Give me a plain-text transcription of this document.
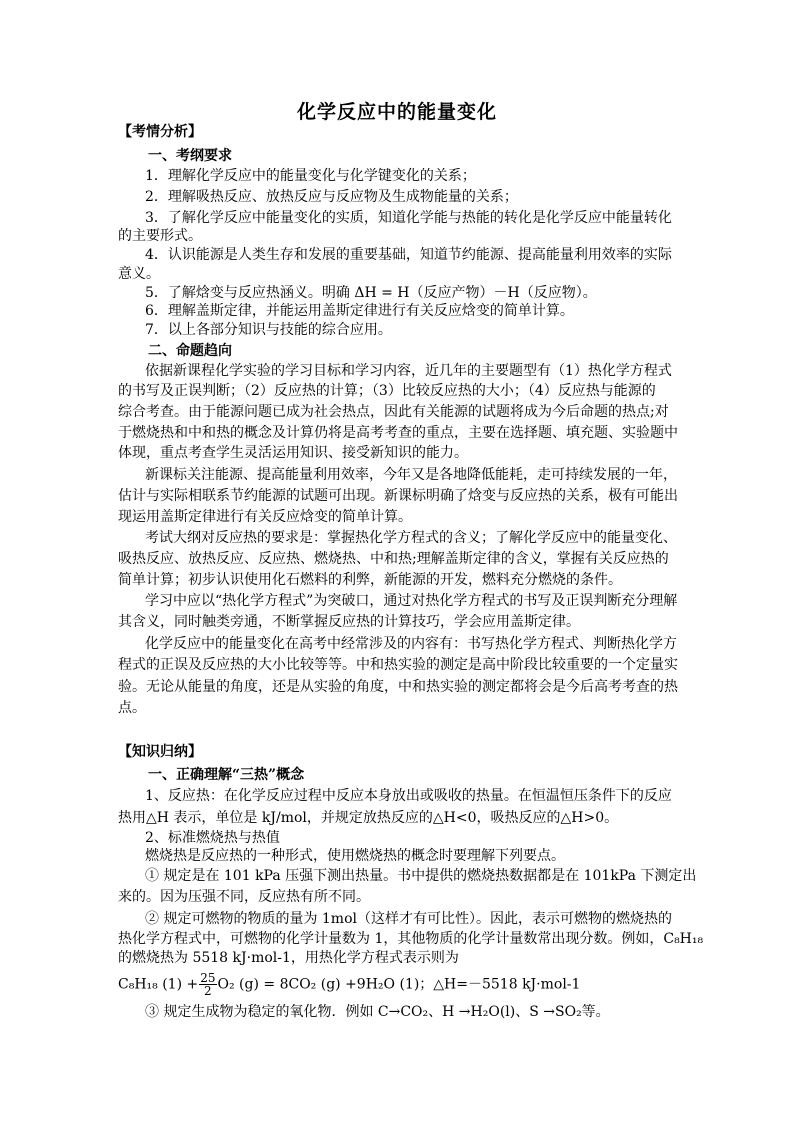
化学反应中的能量变化
【考情分析】
一、考纲要求
1．理解化学反应中的能量变化与化学键变化的关系；
2．理解吸热反应、放热反应与反应物及生成物能量的关系；
3．了解化学反应中能量变化的实质，知道化学能与热能的转化是化学反应中能量转化
的主要形式。
4．认识能源是人类生存和发展的重要基础，知道节约能源、提高能量利用效率的实际
意义。
5．了解焓变与反应热涵义。明确 ΔH = H（反应产物）－H（反应物）。
6．理解盖斯定律，并能运用盖斯定律进行有关反应焓变的简单计算。
7．以上各部分知识与技能的综合应用。
二、命题趋向
依据新课程化学实验的学习目标和学习内容，近几年的主要题型有（1）热化学方程式
的书写及正误判断；（2）反应热的计算；（3）比较反应热的大小；（4）反应热与能源的
综合考查。由于能源问题已成为社会热点，因此有关能源的试题将成为今后命题的热点;对
于燃烧热和中和热的概念及计算仍将是高考考查的重点，主要在选择题、填充题、实验题中
体现，重点考查学生灵活运用知识、接受新知识的能力。
新课标关注能源、提高能量利用效率，今年又是各地降低能耗，走可持续发展的一年，
估计与实际相联系节约能源的试题可出现。新课标明确了焓变与反应热的关系，极有可能出
现运用盖斯定律进行有关反应焓变的简单计算。
考试大纲对反应热的要求是：掌握热化学方程式的含义；了解化学反应中的能量变化、
吸热反应、放热反应、反应热、燃烧热、中和热;理解盖斯定律的含义，掌握有关反应热的
简单计算；初步认识使用化石燃料的利弊，新能源的开发，燃料充分燃烧的条件。
学习中应以“热化学方程式”为突破口，通过对热化学方程式的书写及正误判断充分理解
其含义，同时触类旁通，不断掌握反应热的计算技巧，学会应用盖斯定律。
化学反应中的能量变化在高考中经常涉及的内容有：书写热化学方程式、判断热化学方
程式的正误及反应热的大小比较等等。中和热实验的测定是高中阶段比较重要的一个定量实
验。无论从能量的角度，还是从实验的角度，中和热实验的测定都将会是今后高考考查的热
点。
【知识归纳】
一、正确理解“三热”概念
1、反应热：在化学反应过程中反应本身放出或吸收的热量。在恒温恒压条件下的反应
热用△H 表示，单位是 kJ/mol，并规定放热反应的△H<0，吸热反应的△H>0。
2、标准燃烧热与热值
燃烧热是反应热的一种形式，使用燃烧热的概念时要理解下列要点。
① 规定是在 101 kPa 压强下测出热量。书中提供的燃烧热数据都是在 101kPa 下测定出
来的。因为压强不同，反应热有所不同。
② 规定可燃物的物质的量为 1mol（这样才有可比性）。因此，表示可燃物的燃烧热的
热化学方程式中，可燃物的化学计量数为 1，其他物质的化学计量数常出现分数。例如，C₈H₁₈
的燃烧热为 5518 kJ·mol-1，用热化学方程式表示则为
C₈H₁₈ $(1) + \frac{25}{2} O_2$ (g) = 8CO₂ (g) +9H₂O (1)；△H=－5518 kJ·mol-1
③ 规定生成物为稳定的氧化物．例如 C→CO₂、H →H₂O(l)、S →SO₂等。
